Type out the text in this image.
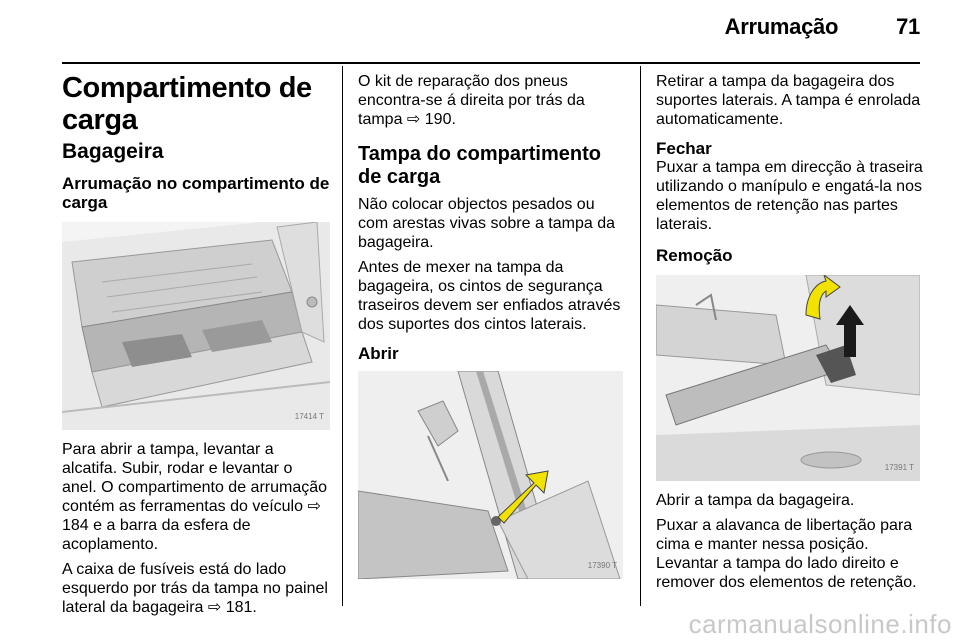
Arrumação	71
Compartimento de carga
Bagageira
Arrumação no compartimento de carga
17414 T

Para abrir a tampa, levantar a alcatifa. Subir, rodar e levantar o anel. O compartimento de arrumação contém as ferramentas do veículo ⇨ 184 e a barra da esfera de acoplamento.

A caixa de fusíveis está do lado esquerdo por trás da tampa no painel lateral da bagageira ⇨ 181.

O kit de reparação dos pneus encontra-se á direita por trás da tampa ⇨ 190.

Tampa do compartimento de carga

Não colocar objectos pesados ou com arestas vivas sobre a tampa da bagageira.

Antes de mexer na tampa da bagageira, os cintos de segurança traseiros devem ser enfiados através dos suportes dos cintos laterais.

Abrir
17390 T

Retirar a tampa da bagageira dos suportes laterais. A tampa é enrolada automaticamente.

Fechar

Puxar a tampa em direcção à traseira utilizando o manípulo e engatá-la nos elementos de retenção nas partes laterais.

Remoção
17391 T

Abrir a tampa da bagageira.

Puxar a alavanca de libertação para cima e manter nessa posição. Levantar a tampa do lado direito e remover dos elementos de retenção.

carmanualsonline.info
